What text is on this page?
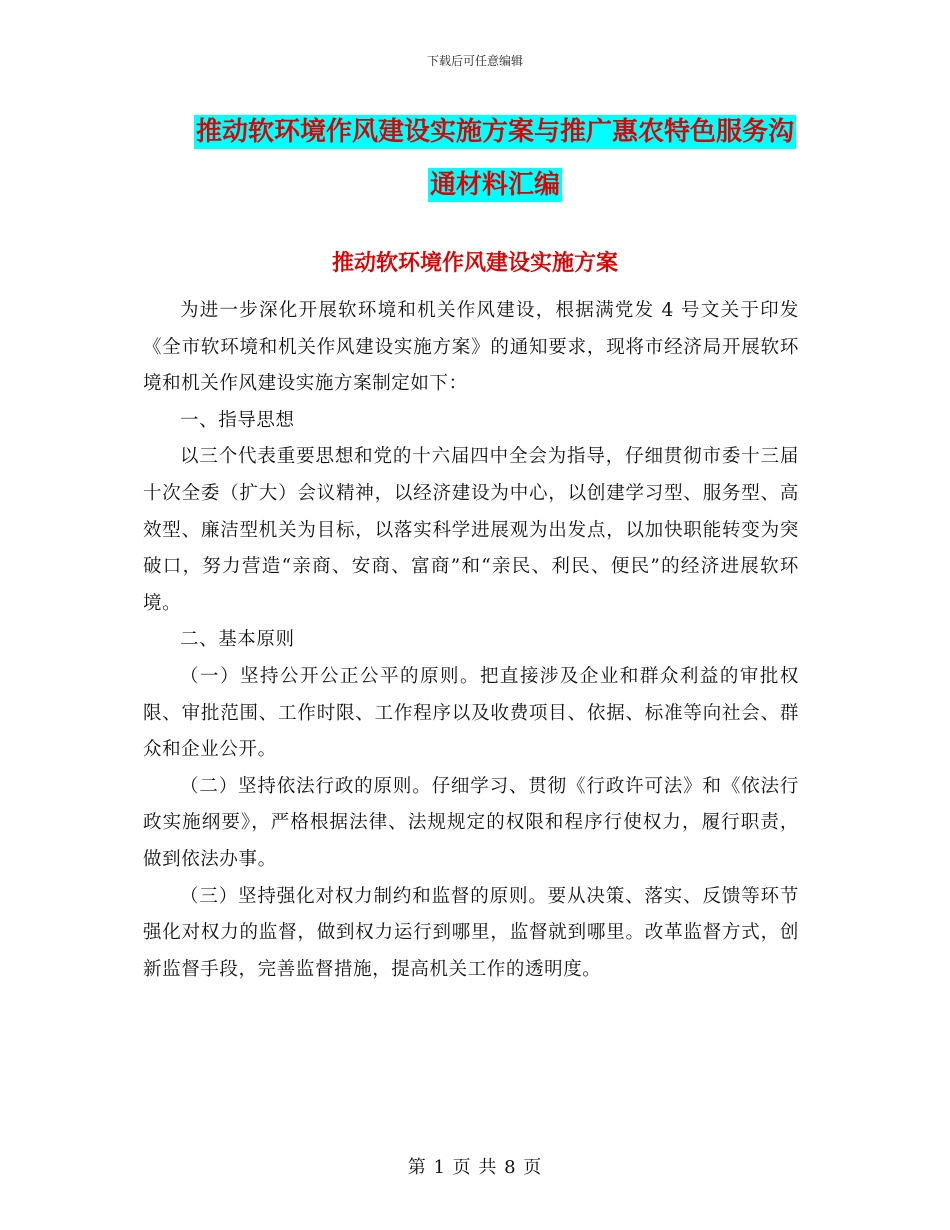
下载后可任意编辑
推动软环境作风建设实施方案与推广惠农特色服务沟
通材料汇编
推动软环境作风建设实施方案

为进一步深化开展软环境和机关作风建设，根据满党发 4 号文关于印发《全市软环境和机关作风建设实施方案》的通知要求，现将市经济局开展软环境和机关作风建设实施方案制定如下：

一、指导思想

以三个代表重要思想和党的十六届四中全会为指导，仔细贯彻市委十三届十次全委（扩大）会议精神，以经济建设为中心，以创建学习型、服务型、高效型、廉洁型机关为目标，以落实科学进展观为出发点，以加快职能转变为突破口，努力营造“亲商、安商、富商”和“亲民、利民、便民”的经济进展软环境。

二、基本原则

（一）坚持公开公正公平的原则。把直接涉及企业和群众利益的审批权限、审批范围、工作时限、工作程序以及收费项目、依据、标准等向社会、群众和企业公开。

（二）坚持依法行政的原则。仔细学习、贯彻《行政许可法》和《依法行政实施纲要》，严格根据法律、法规规定的权限和程序行使权力，履行职责，做到依法办事。

（三）坚持强化对权力制约和监督的原则。要从决策、落实、反馈等环节强化对权力的监督，做到权力运行到哪里，监督就到哪里。改革监督方式，创新监督手段，完善监督措施，提高机关工作的透明度。

第 1 页 共 8 页
